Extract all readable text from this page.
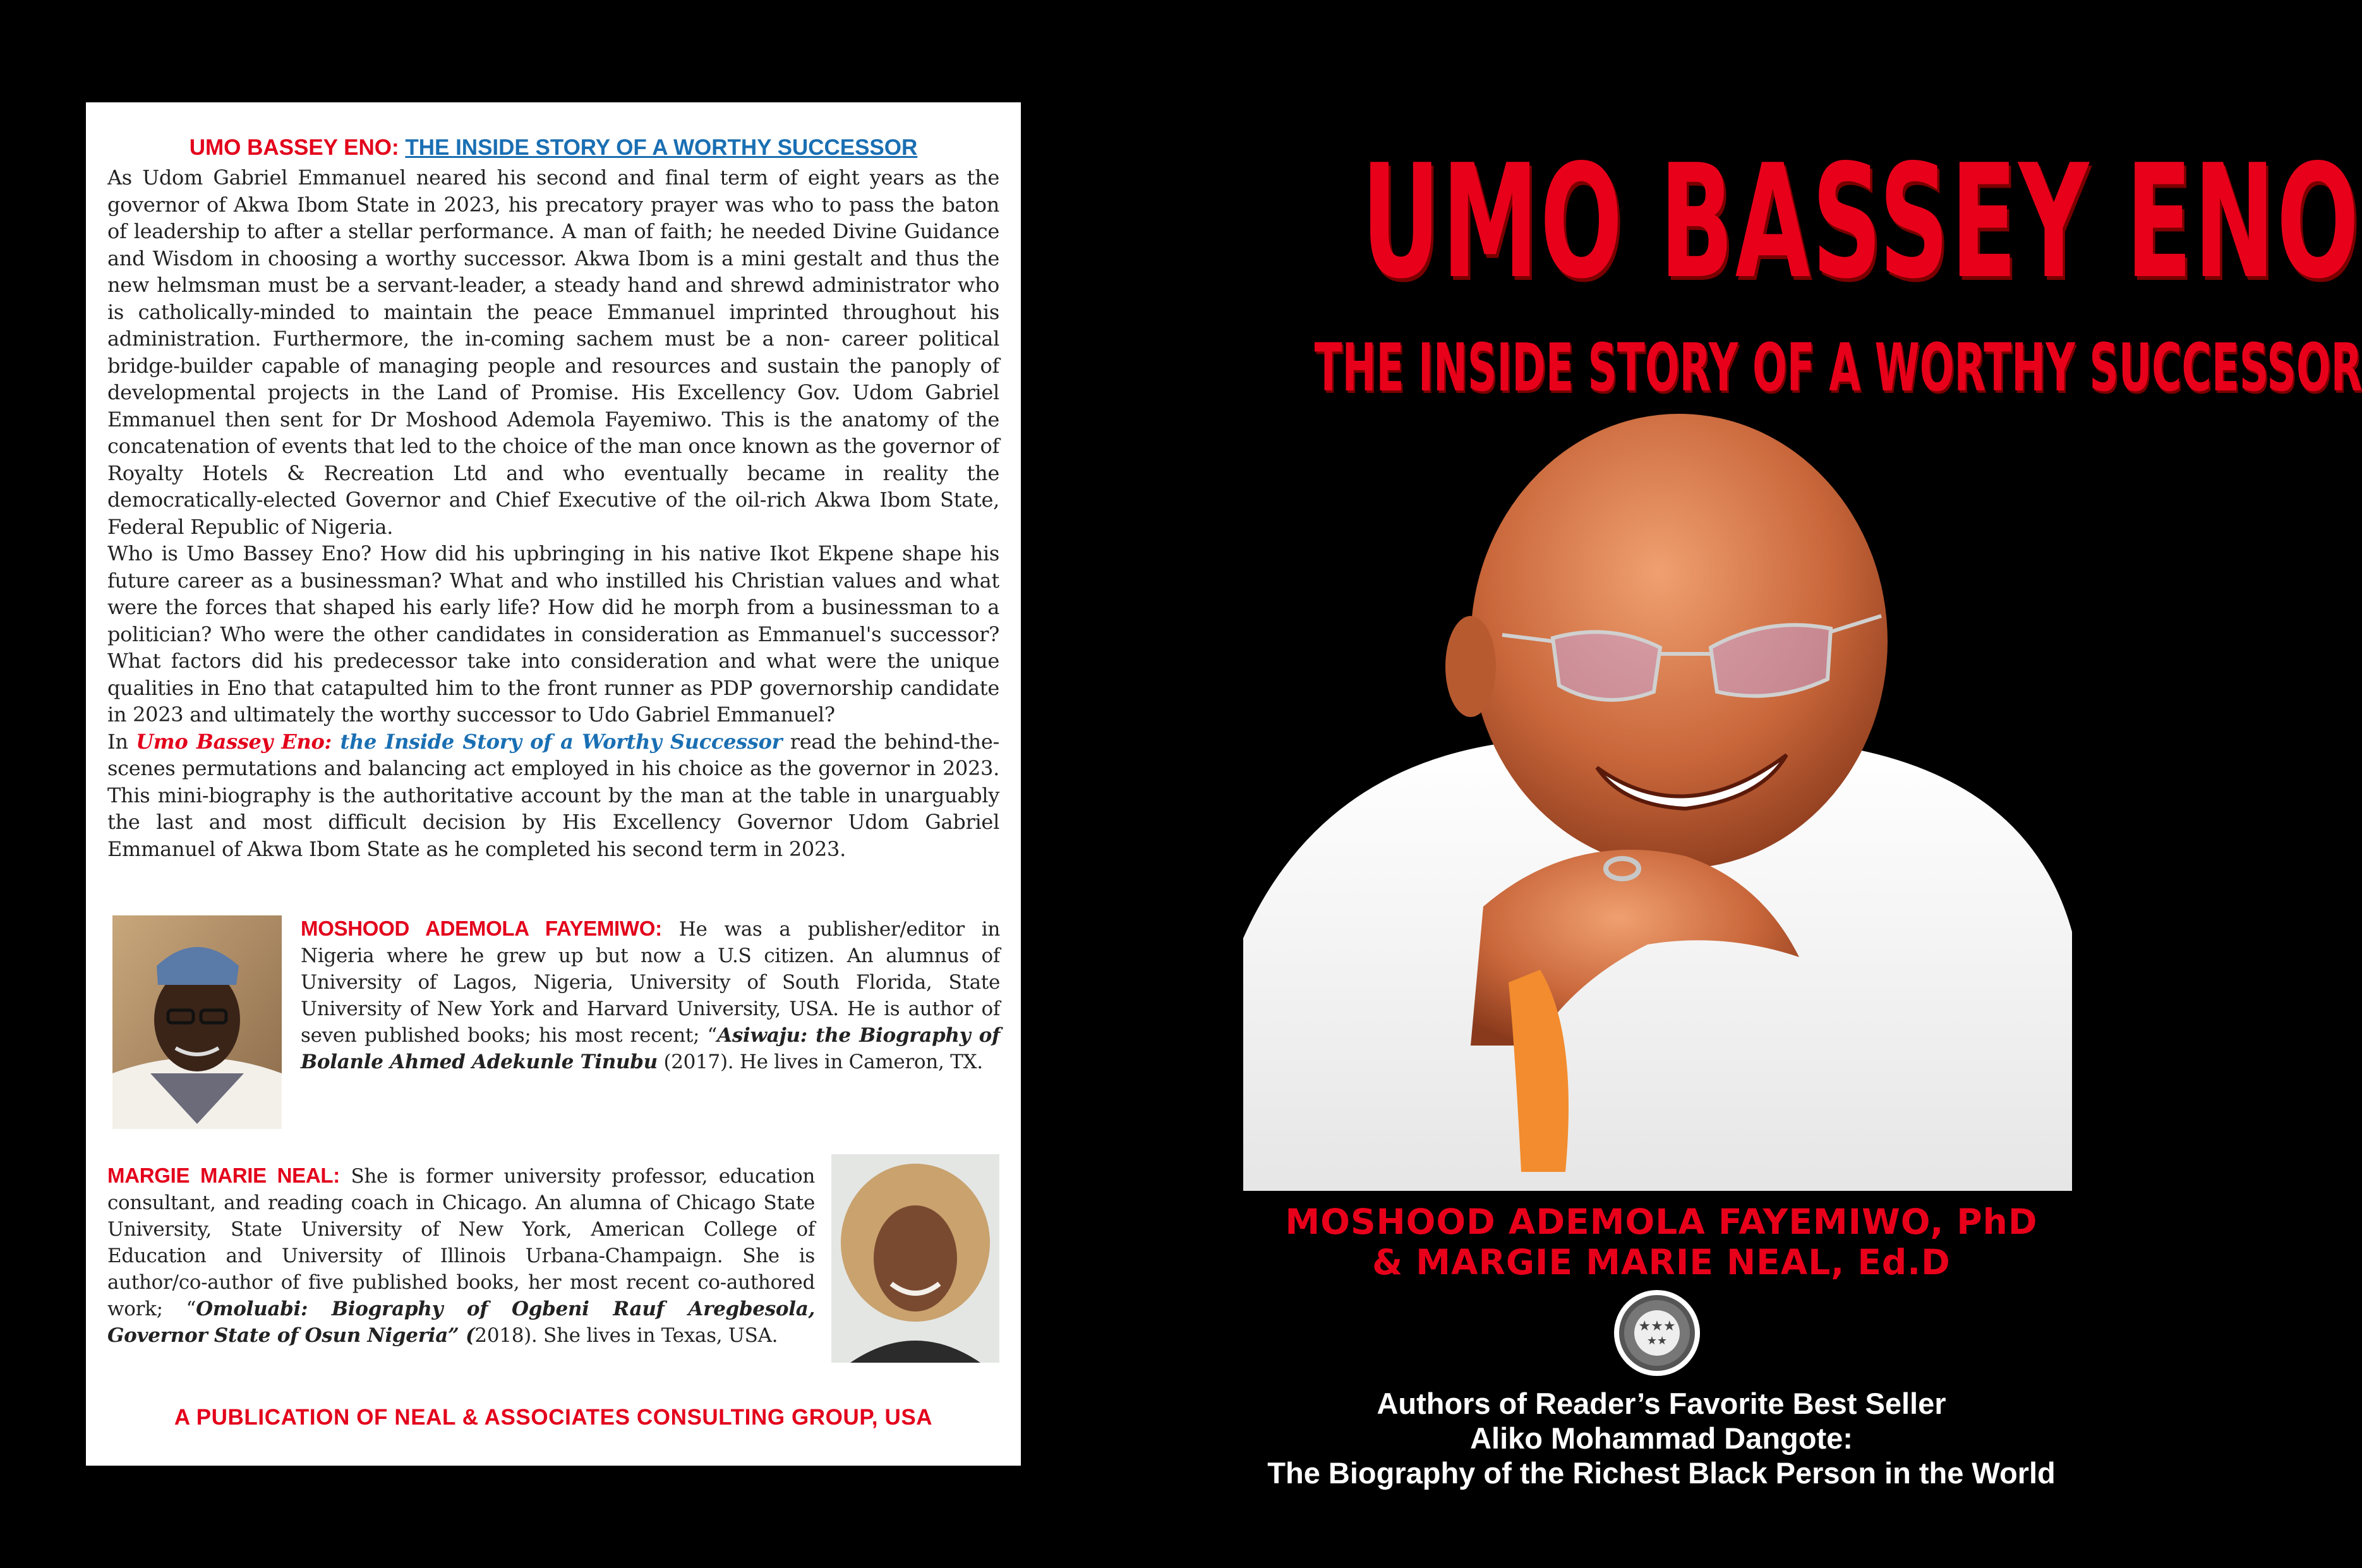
UMO BASSEY ENO: THE INSIDE STORY OF A WORTHY SUCCESSOR

As Udom Gabriel Emmanuel neared his second and final term of eight years as the governor of Akwa Ibom State in 2023, his precatory prayer was who to pass the baton of leadership to after a stellar performance. A man of faith; he needed Divine Guidance and Wisdom in choosing a worthy successor. Akwa Ibom is a mini gestalt and thus the new helmsman must be a servant-leader, a steady hand and shrewd administrator who is catholically-minded to maintain the peace Emmanuel imprinted throughout his administration. Furthermore, the in-coming sachem must be a non- career political bridge-builder capable of managing people and resources and sustain the panoply of developmental projects in the Land of Promise. His Excellency Gov. Udom Gabriel Emmanuel then sent for Dr Moshood Ademola Fayemiwo. This is the anatomy of the concatenation of events that led to the choice of the man once known as the governor of Royalty Hotels & Recreation Ltd and who eventually became in reality the democratically-elected Governor and Chief Executive of the oil-rich Akwa Ibom State, Federal Republic of Nigeria.

Who is Umo Bassey Eno? How did his upbringing in his native Ikot Ekpene shape his future career as a businessman? What and who instilled his Christian values and what were the forces that shaped his early life? How did he morph from a businessman to a politician? Who were the other candidates in consideration as Emmanuel's successor? What factors did his predecessor take into consideration and what were the unique qualities in Eno that catapulted him to the front runner as PDP governorship candidate in 2023 and ultimately the worthy successor to Udo Gabriel Emmanuel?

In Umo Bassey Eno: the Inside Story of a Worthy Successor read the behind-the-scenes permutations and balancing act employed in his choice as the governor in 2023. This mini-biography is the authoritative account by the man at the table in unarguably the last and most difficult decision by His Excellency Governor Udom Gabriel Emmanuel of Akwa Ibom State as he completed his second term in 2023.

MOSHOOD ADEMOLA FAYEMIWO: He was a publisher/editor in Nigeria where he grew up but now a U.S citizen. An alumnus of University of Lagos, Nigeria, University of South Florida, State University of New York and Harvard University, USA. He is author of seven published books; his most recent; “Asiwaju: the Biography of Bolanle Ahmed Adekunle Tinubu (2017). He lives in Cameron, TX.

MARGIE MARIE NEAL: She is former university professor, education consultant, and reading coach in Chicago. An alumna of Chicago State University, State University of New York, American College of Education and University of Illinois Urbana-Champaign. She is author/co-author of five published books, her most recent co-authored work; “Omoluabi: Biography of Ogbeni Rauf Aregbesola, Governor State of Osun Nigeria” (2018). She lives in Texas, USA.

A PUBLICATION OF NEAL & ASSOCIATES CONSULTING GROUP, USA
UMO BASSEY ENO
THE INSIDE STORY OF A WORTHY SUCCESSOR
MOSHOOD ADEMOLA FAYEMIWO, PhD
& MARGIE MARIE NEAL, Ed.D
★★★
★★
Authors of Reader’s Favorite Best Seller
Aliko Mohammad Dangote:
The Biography of the Richest Black Person in the World
